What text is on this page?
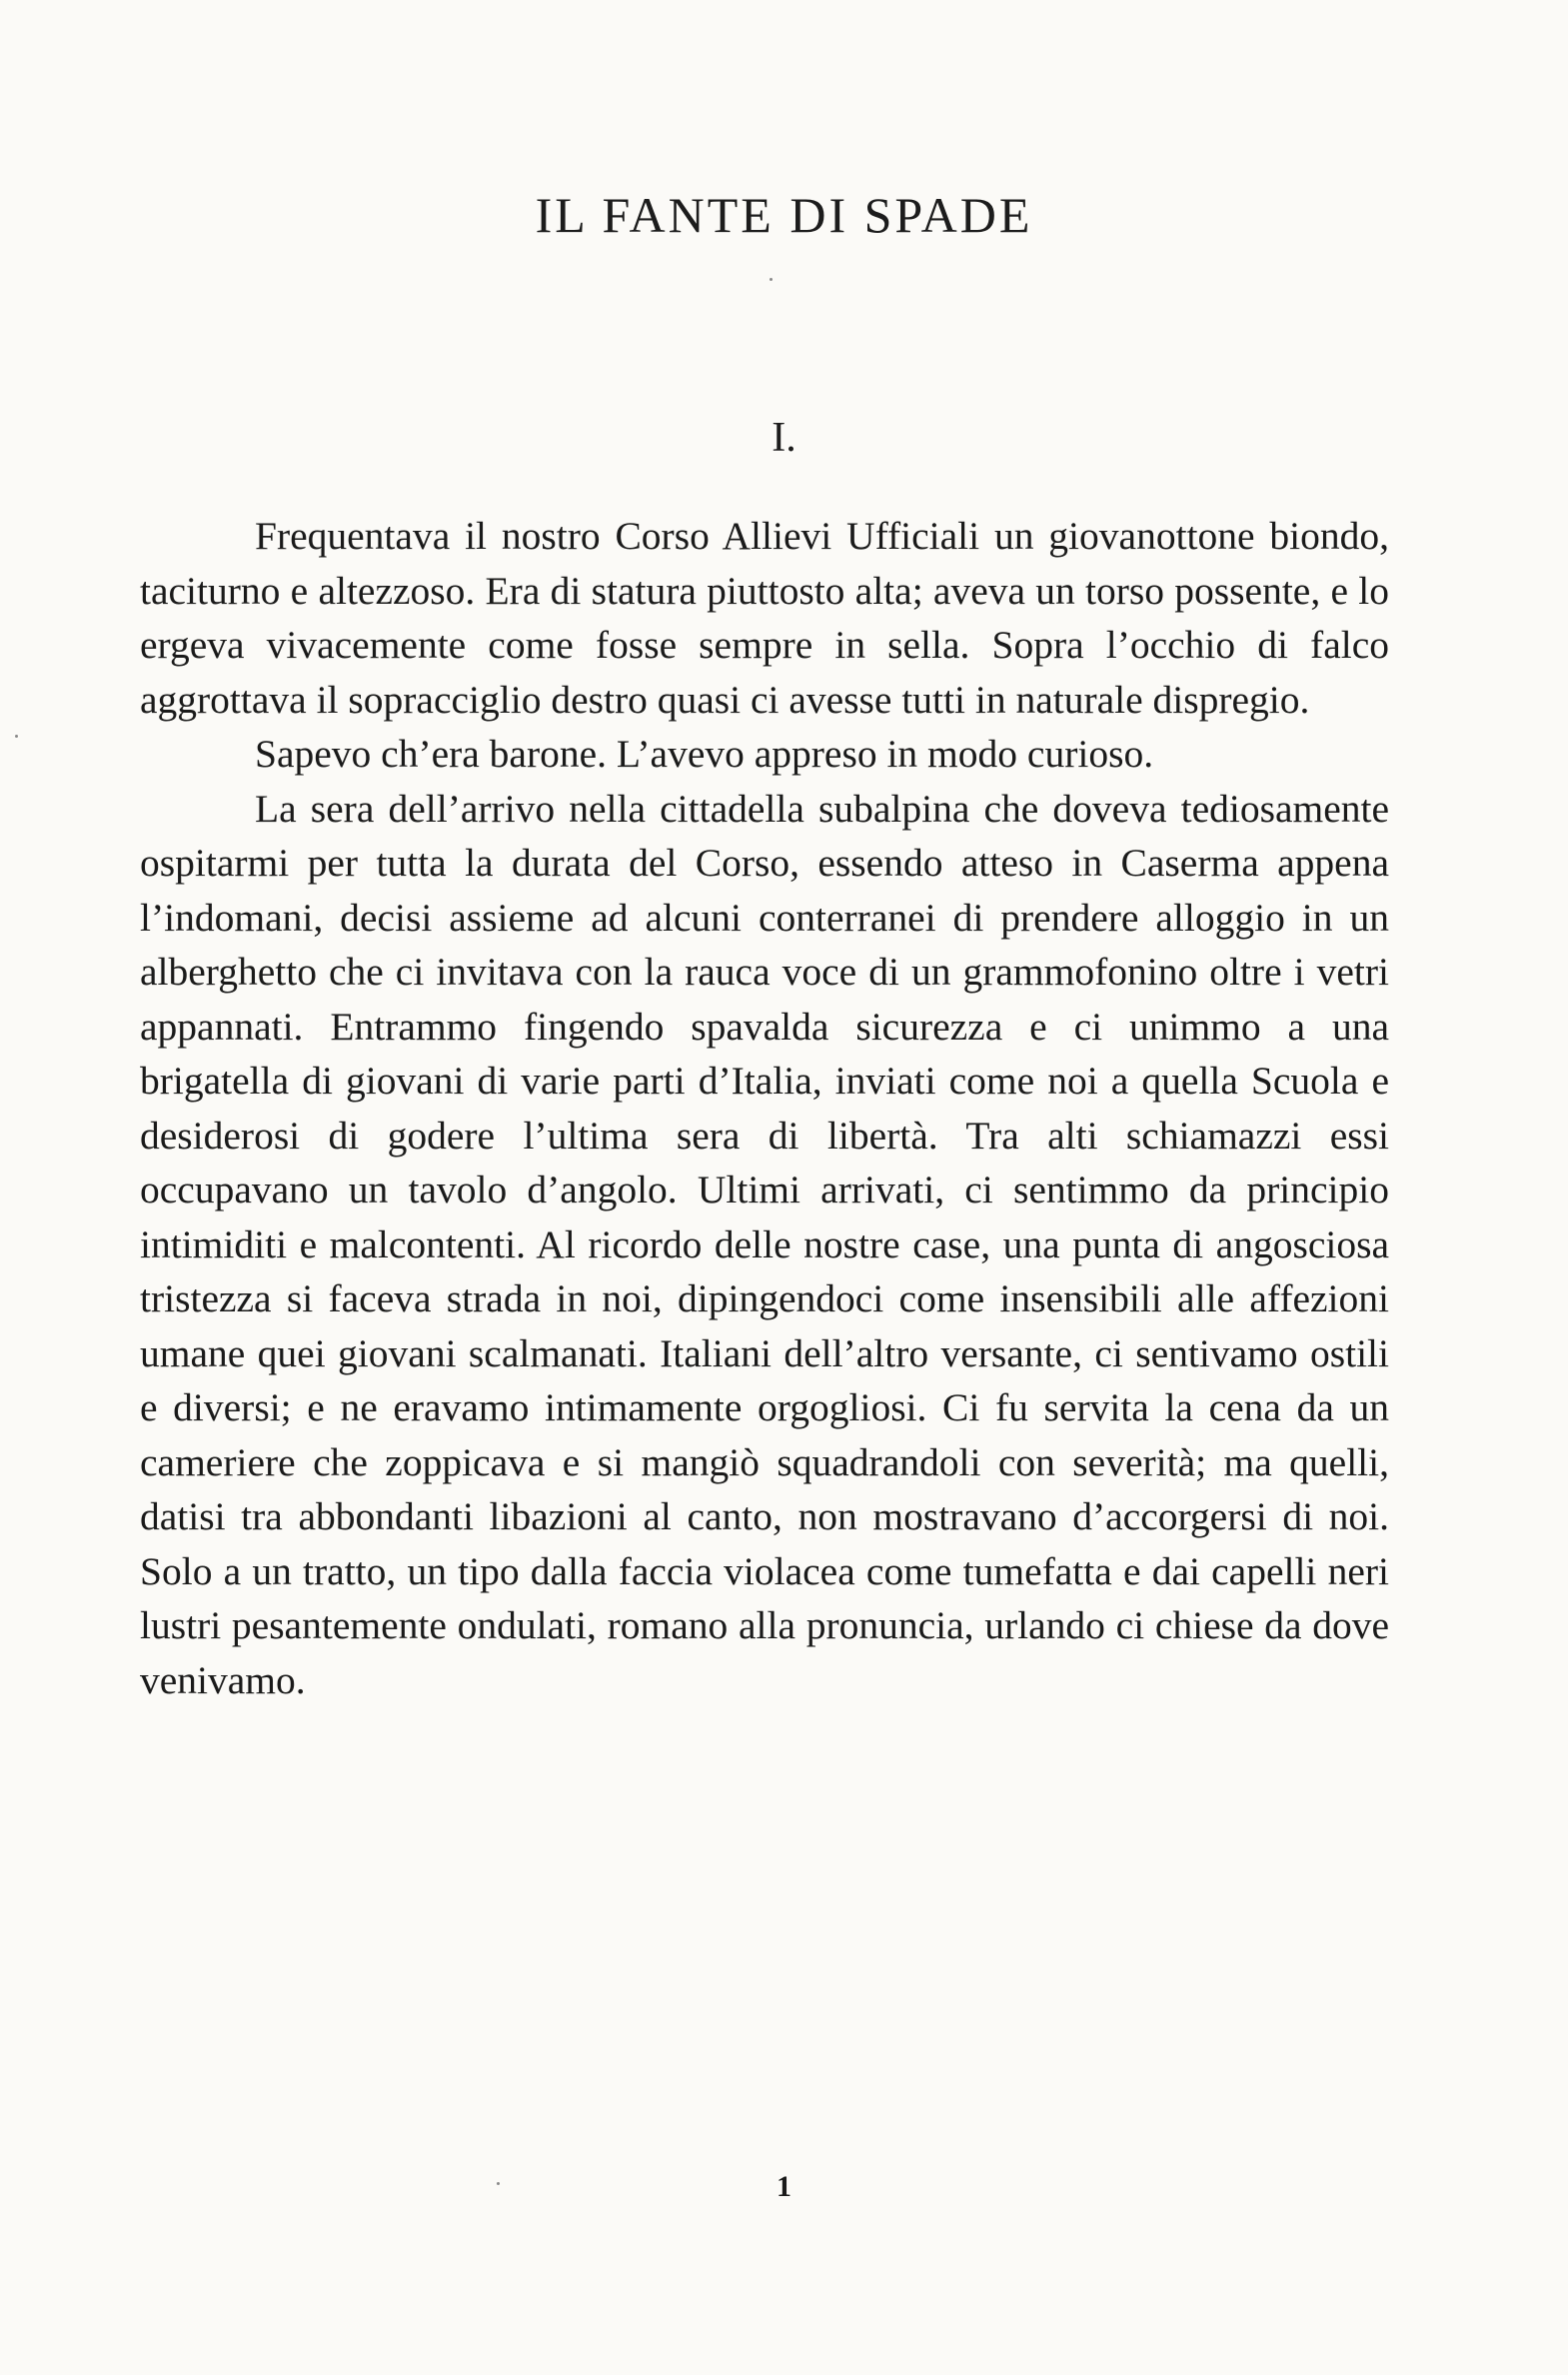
IL FANTE DI SPADE
I.

Frequentava il nostro Corso Allievi Ufficiali un giovanottone biondo, taciturno e altezzoso. Era di statura piuttosto alta; aveva un torso possente, e lo ergeva vivacemente come fosse sempre in sella. Sopra l’occhio di falco aggrottava il sopracciglio destro quasi ci avesse tutti in naturale dispregio.

Sapevo ch’era barone. L’avevo appreso in modo curioso.

La sera dell’arrivo nella cittadella subalpina che doveva tediosamente ospitarmi per tutta la durata del Corso, essendo atteso in Caserma appena l’indomani, decisi assieme ad alcuni conterranei di prendere alloggio in un alberghetto che ci invitava con la rauca voce di un grammofonino oltre i vetri appannati. Entrammo fingendo spavalda sicurezza e ci unimmo a una brigatella di giovani di varie parti d’Italia, inviati come noi a quella Scuola e desiderosi di godere l’ultima sera di libertà. Tra alti schiamazzi essi occupavano un tavolo d’angolo. Ultimi arrivati, ci sentimmo da principio intimiditi e malcontenti. Al ricordo delle nostre case, una punta di angosciosa tristezza si faceva strada in noi, dipingendoci come insensibili alle affezioni umane quei giovani scalmanati. Italiani dell’altro versante, ci sentivamo ostili e diversi; e ne eravamo intimamente orgogliosi. Ci fu servita la cena da un cameriere che zoppicava e si mangiò squadrandoli con severità; ma quelli, datisi tra abbondanti libazioni al canto, non mostravano d’accorgersi di noi. Solo a un tratto, un tipo dalla faccia violacea come tumefatta e dai capelli neri lustri pesantemente ondulati, romano alla pronuncia, urlando ci chiese da dove venivamo.

1
